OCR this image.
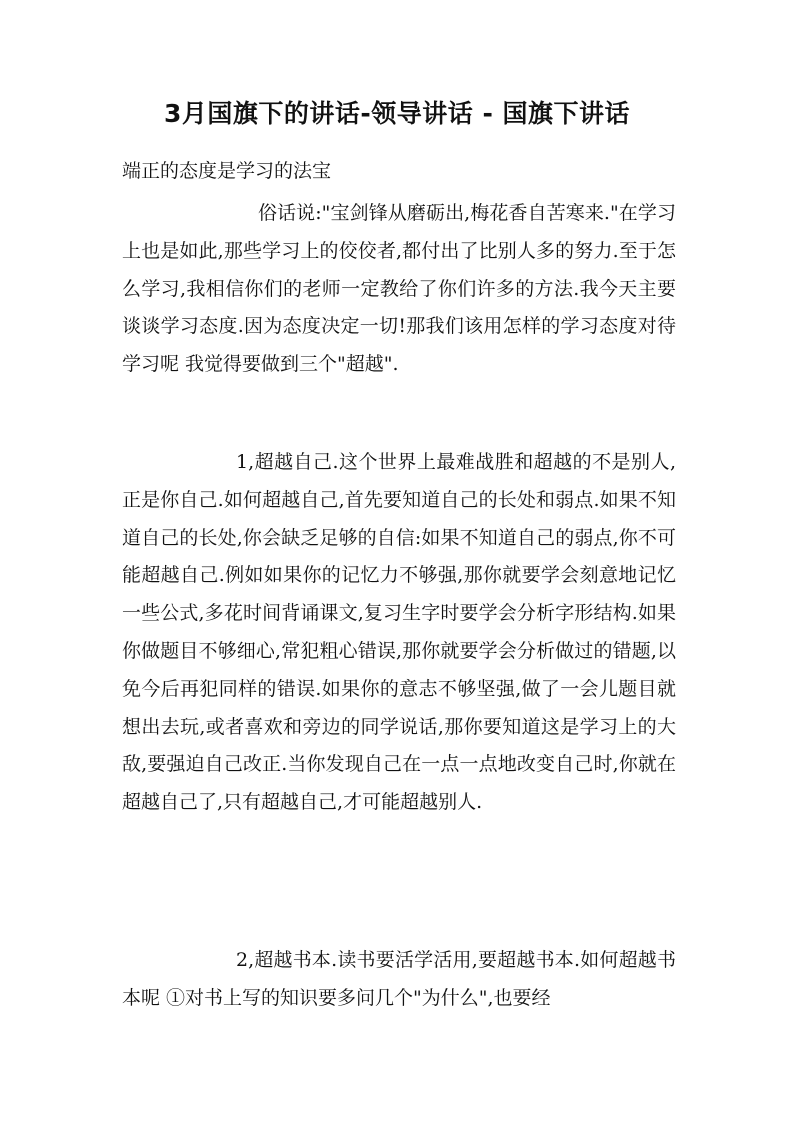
3月国旗下的讲话-领导讲话 - 国旗下讲话

端正的态度是学习的法宝

俗话说:"宝剑锋从磨砺出,梅花香自苦寒来."在学习上也是如此,那些学习上的佼佼者,都付出了比别人多的努力.至于怎么学习,我相信你们的老师一定教给了你们许多的方法.我今天主要谈谈学习态度.因为态度决定一切!那我们该用怎样的学习态度对待学习呢 我觉得要做到三个"超越".

1,超越自己.这个世界上最难战胜和超越的不是别人,正是你自己.如何超越自己,首先要知道自己的长处和弱点.如果不知道自己的长处,你会缺乏足够的自信:如果不知道自己的弱点,你不可能超越自己.例如如果你的记忆力不够强,那你就要学会刻意地记忆一些公式,多花时间背诵课文,复习生字时要学会分析字形结构.如果你做题目不够细心,常犯粗心错误,那你就要学会分析做过的错题,以免今后再犯同样的错误.如果你的意志不够坚强,做了一会儿题目就想出去玩,或者喜欢和旁边的同学说话,那你要知道这是学习上的大敌,要强迫自己改正.当你发现自己在一点一点地改变自己时,你就在超越自己了,只有超越自己,才可能超越别人.

2,超越书本.读书要活学活用,要超越书本.如何超越书本呢 ①对书上写的知识要多问几个"为什么",也要经
